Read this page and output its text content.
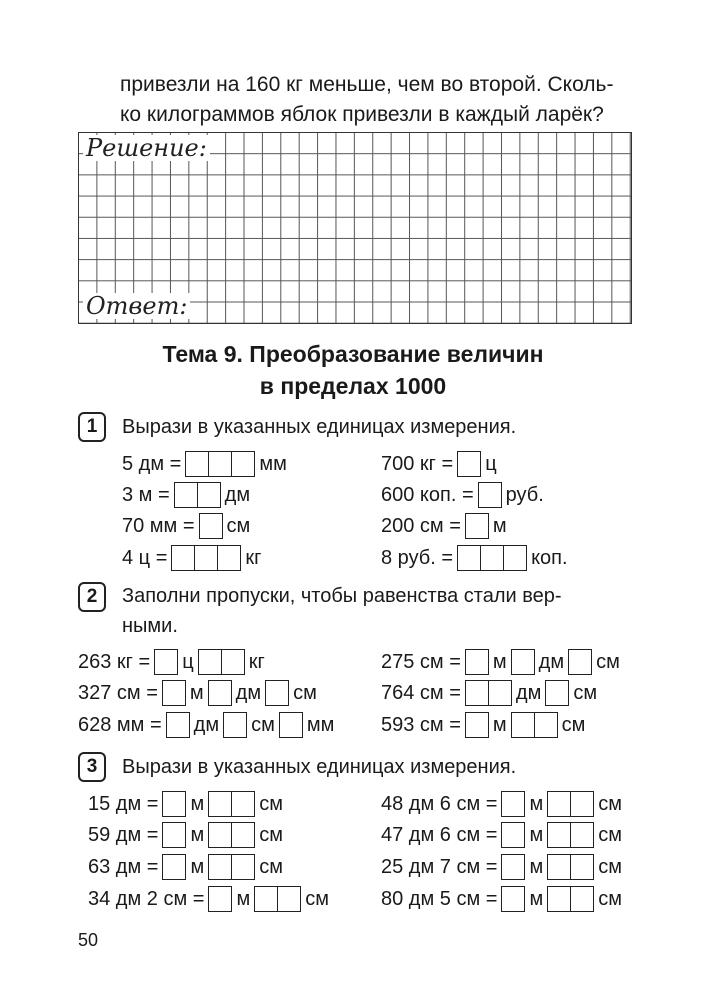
привезли на 160 кг меньше, чем во второй. Сколь-
ко килограммов яблок привезли в каждый ларёк?

Решение:
Ответ:
Тема 9. Преобразование величин
в пределах 1000
1	Вырази в указанных единицах измерения.

5 дм =	мм
3 м =	дм
70 мм = см
4 ц =	кг
700 кг = ц
600 коп. = руб.
200 см = м
8 руб. =	коп.
2	Заполни пропуски, чтобы равенства стали вер-
ными.

263 кг = ц	кг
327 см = м дм см
628 мм = дм см мм
275 см = м дм см
764 см =	дм см
593 см = м	см
3	Вырази в указанных единицах измерения.

15 дм = м	см
59 дм = м	см
63 дм = м	см
34 дм 2 см = м	см
48 дм 6 см = м	см
47 дм 6 см = м	см
25 дм 7 см = м	см
80 дм 5 см = м	см
50
